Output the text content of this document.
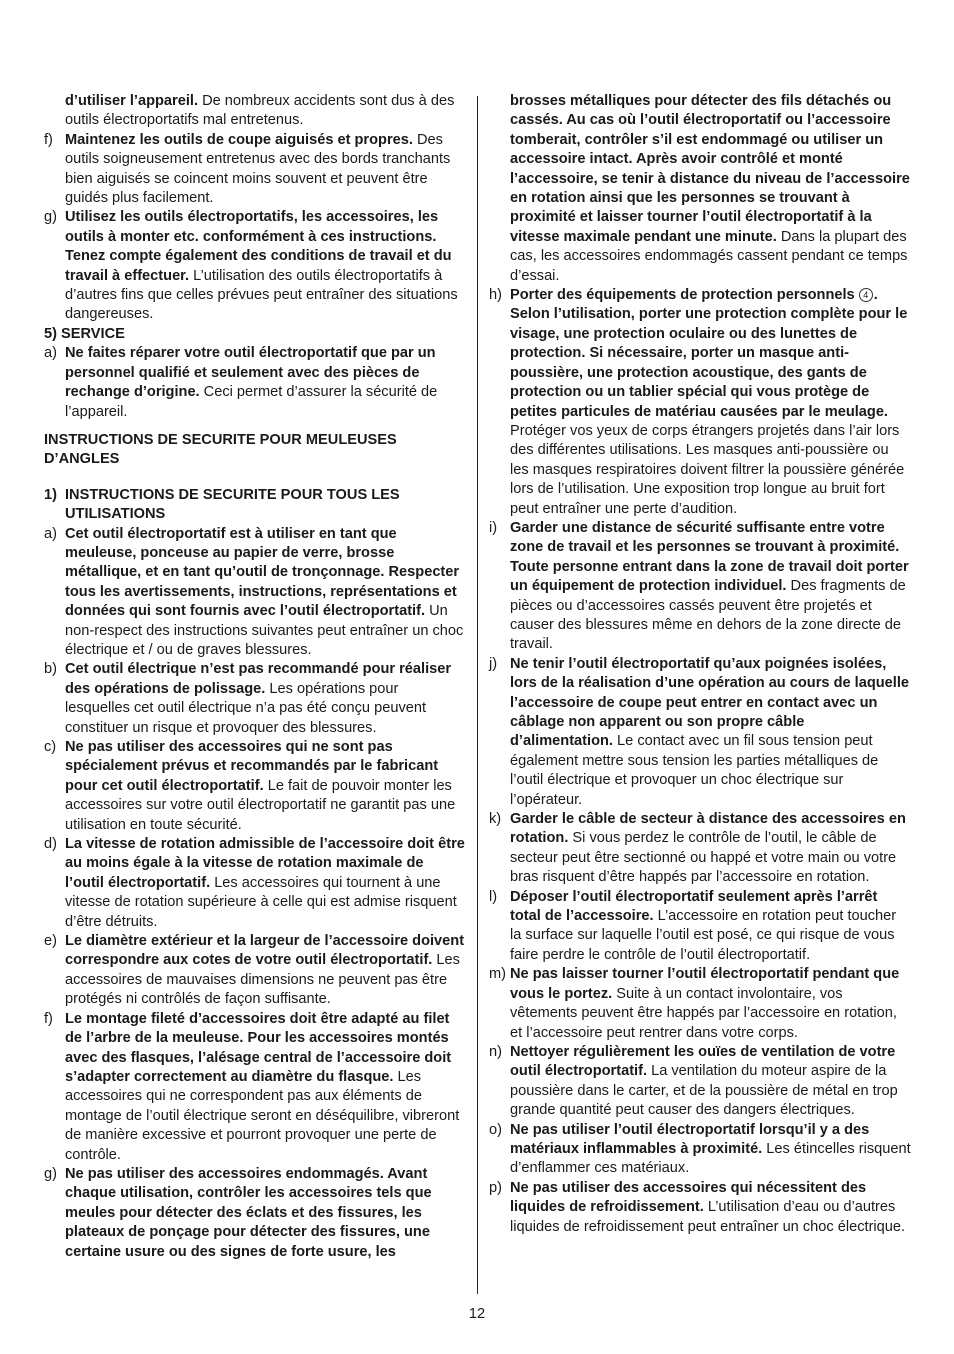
d’utiliser l’appareil. De nombreux accidents sont dus à des outils électroportatifs mal entretenus.
f) Maintenez les outils de coupe aiguisés et propres. Des outils soigneusement entretenus avec des bords tranchants bien aiguisés se coincent moins souvent et peuvent être guidés plus facilement.
g) Utilisez les outils électroportatifs, les accessoires, les outils à monter etc. conformément à ces instructions. Tenez compte également des conditions de travail et du travail à effectuer. L’utilisation des outils électroportatifs à d’autres fins que celles prévues peut entraîner des situations dangereuses.
5) SERVICE
a) Ne faites réparer votre outil électroportatif que par un personnel qualifié et seulement avec des pièces de rechange d’origine. Ceci permet d’assurer la sécurité de l’appareil.
INSTRUCTIONS DE SECURITE POUR MEULEUSES D’ANGLES
1) INSTRUCTIONS DE SECURITE POUR TOUS LES UTILISATIONS
a) Cet outil électroportatif est à utiliser en tant que meuleuse, ponceuse au papier de verre, brosse métallique, et en tant qu’outil de tronçonnage. Respecter tous les avertissements, instructions, représentations et données qui sont fournis avec l’outil électroportatif. Un non-respect des instructions suivantes peut entraîner un choc électrique et / ou de graves blessures.
b) Cet outil électrique n’est pas recommandé pour réaliser des opérations de polissage. Les opérations pour lesquelles cet outil électrique n’a pas été conçu peuvent constituer un risque et provoquer des blessures.
c) Ne pas utiliser des accessoires qui ne sont pas spécialement prévus et recommandés par le fabricant pour cet outil électroportatif. Le fait de pouvoir monter les accessoires sur votre outil électroportatif ne garantit pas une utilisation en toute sécurité.
d) La vitesse de rotation admissible de l’accessoire doit être au moins égale à la vitesse de rotation maximale de l’outil électroportatif. Les accessoires qui tournent à une vitesse de rotation supérieure à celle qui est admise risquent d’être détruits.
e) Le diamètre extérieur et la largeur de l’accessoire doivent correspondre aux cotes de votre outil électroportatif. Les accessoires de mauvaises dimensions ne peuvent pas être protégés ni contrôlés de façon suffisante.
f) Le montage fileté d’accessoires doit être adapté au filet de l’arbre de la meuleuse. Pour les accessoires montés avec des flasques, l’alésage central de l’accessoire doit s’adapter correctement au diamètre du flasque. Les accessoires qui ne correspondent pas aux éléments de montage de l’outil électrique seront en déséquilibre, vibreront de manière excessive et pourront provoquer une perte de contrôle.
g) Ne pas utiliser des accessoires endommagés. Avant chaque utilisation, contrôler les accessoires tels que meules pour détecter des éclats et des fissures, les plateaux de ponçage pour détecter des fissures, une certaine usure ou des signes de forte usure, les
brosses métalliques pour détecter des fils détachés ou cassés. Au cas où l’outil électroportatif ou l’accessoire tomberait, contrôler s’il est endommagé ou utiliser un accessoire intact. Après avoir contrôlé et monté l’accessoire, se tenir à distance du niveau de l’accessoire en rotation ainsi que les personnes se trouvant à proximité et laisser tourner l’outil électroportatif à la vitesse maximale pendant une minute. Dans la plupart des cas, les accessoires endommagés cassent pendant ce temps d’essai.
h) Porter des équipements de protection personnels 4 . Selon l’utilisation, porter une protection complète pour le visage, une protection oculaire ou des lunettes de protection. Si nécessaire, porter un masque anti-poussière, une protection acoustique, des gants de protection ou un tablier spécial qui vous protège de petites particules de matériau causées par le meulage. Protéger vos yeux de corps étrangers projetés dans l’air lors des différentes utilisations. Les masques anti-poussière ou les masques respiratoires doivent filtrer la poussière générée lors de l’utilisation. Une exposition trop longue au bruit fort peut entraîner une perte d’audition.
i) Garder une distance de sécurité suffisante entre votre zone de travail et les personnes se trouvant à proximité. Toute personne entrant dans la zone de travail doit porter un équipement de protection individuel. Des fragments de pièces ou d’accessoires cassés peuvent être projetés et causer des blessures même en dehors de la zone directe de travail.
j) Ne tenir l’outil électroportatif qu’aux poignées isolées, lors de la réalisation d’une opération au cours de laquelle l’accessoire de coupe peut entrer en contact avec un câblage non apparent ou son propre câble d’alimentation. Le contact avec un fil sous tension peut également mettre sous tension les parties métalliques de l’outil électrique et provoquer un choc électrique sur l’opérateur.
k) Garder le câble de secteur à distance des accessoires en rotation. Si vous perdez le contrôle de l’outil, le câble de secteur peut être sectionné ou happé et votre main ou votre bras risquent d’être happés par l’accessoire en rotation.
l) Déposer l’outil électroportatif seulement après l’arrêt total de l’accessoire. L’accessoire en rotation peut toucher la surface sur laquelle l’outil est posé, ce qui risque de vous faire perdre le contrôle de l’outil électroportatif.
m) Ne pas laisser tourner l’outil électroportatif pendant que vous le portez. Suite à un contact involontaire, vos vêtements peuvent être happés par l’accessoire en rotation, et l’accessoire peut rentrer dans votre corps.
n) Nettoyer régulièrement les ouïes de ventilation de votre outil électroportatif. La ventilation du moteur aspire de la poussière dans le carter, et de la poussière de métal en trop grande quantité peut causer des dangers électriques.
o) Ne pas utiliser l’outil électroportatif lorsqu’il y a des matériaux inflammables à proximité. Les étincelles risquent d’enflammer ces matériaux.
p) Ne pas utiliser des accessoires qui nécessitent des liquides de refroidissement. L’utilisation d’eau ou d’autres liquides de refroidissement peut entraîner un choc électrique.
12
